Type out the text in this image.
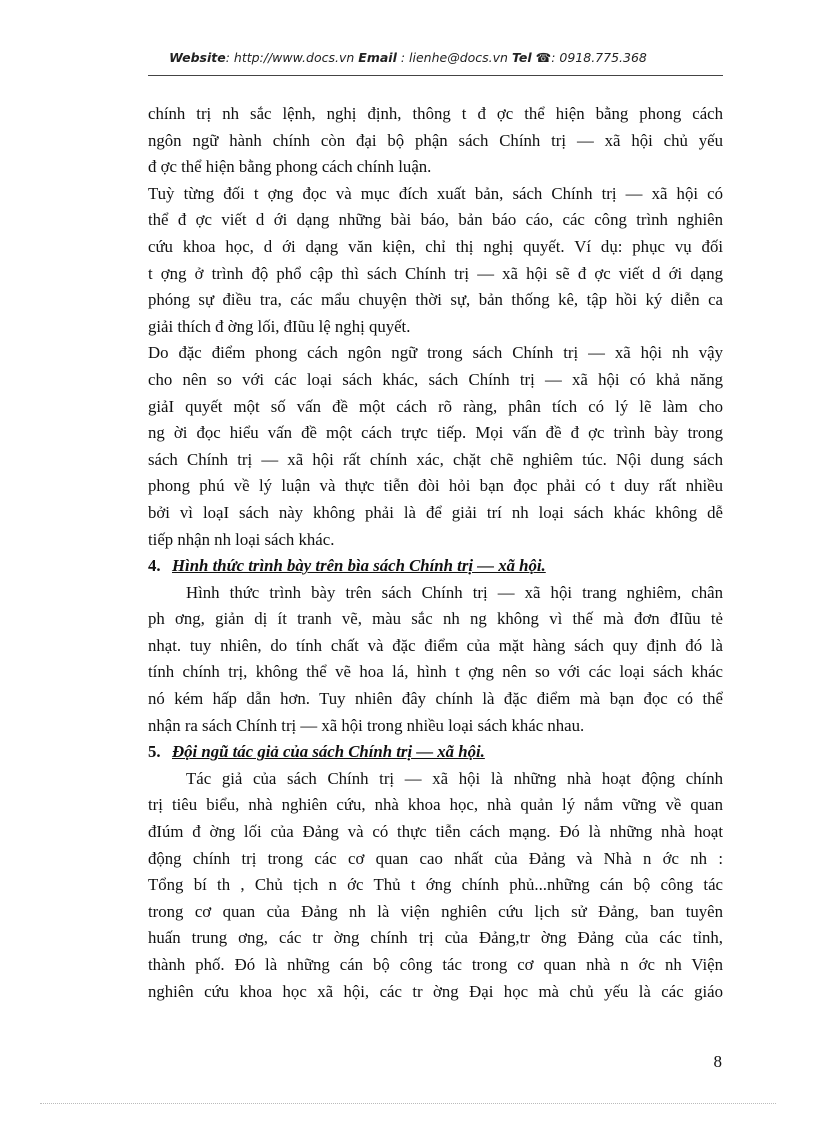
Website: http://www.docs.vn Email : lienhe@docs.vn Tel ☎: 0918.775.368
chính trị nh sắc lệnh, nghị định, thông t đ ợc thể hiện bằng phong cách
ngôn ngữ hành chính còn đại bộ phận sách Chính trị — xã hội chủ yếu
đ ợc thể hiện bằng phong cách chính luận.
Tuỳ từng đối t ợng đọc và mục đích xuất bản, sách Chính trị — xã hội có
thể đ ợc viết d ới dạng những bài báo, bản báo cáo, các công trình nghiên
cứu khoa học, d ới dạng văn kiện, chỉ thị nghị quyết. Ví dụ: phục vụ đối
t ợng ở trình độ phổ cập thì sách Chính trị — xã hội sẽ đ ợc viết d ới dạng
phóng sự điều tra, các mẩu chuyện thời sự, bản thống kê, tập hồi ký diễn ca
giải thích đ ờng lối, đIũu lệ nghị quyết.
Do đặc điểm phong cách ngôn ngữ trong sách Chính trị — xã hội nh vậy
cho nên so với các loại sách khác, sách Chính trị — xã hội có khả năng
giảI quyết một số vấn đề một cách rõ ràng, phân tích có lý lẽ làm cho
ng ời đọc hiểu vấn đề một cách trực tiếp. Mọi vấn đề đ ợc trình bày trong
sách Chính trị — xã hội rất chính xác, chặt chẽ nghiêm túc. Nội dung sách
phong phú về lý luận và thực tiễn đòi hỏi bạn đọc phải có t duy rất nhiều
bởi vì loạI sách này không phải là để giải trí nh loại sách khác không dễ
tiếp nhận nh loại sách khác.
4. Hình thức trình bày trên bìa sách Chính trị — xã hội.
Hình thức trình bày trên sách Chính trị — xã hội trang nghiêm, chân
ph ơng, giản dị ít tranh vẽ, màu sắc nh ng không vì thế mà đơn đIũu tẻ
nhạt. tuy nhiên, do tính chất và đặc điểm của mặt hàng sách quy định đó là
tính chính trị, không thể vẽ hoa lá, hình t ợng nên so với các loại sách khác
nó kém hấp dẫn hơn. Tuy nhiên đây chính là đặc điểm mà bạn đọc có thể
nhận ra sách Chính trị — xã hội trong nhiều loại sách khác nhau.
5. Đội ngũ tác giả của sách Chính trị — xã hội.
Tác giả của sách Chính trị — xã hội là những nhà hoạt động chính
trị tiêu biểu, nhà nghiên cứu, nhà khoa học, nhà quản lý nắm vững về quan
đIúm đ ờng lối của Đảng và có thực tiễn cách mạng. Đó là những nhà hoạt
động chính trị trong các cơ quan cao nhất của Đảng và Nhà n ớc nh :
Tổng bí th , Chủ tịch n ớc Thủ t ớng chính phủ...những cán bộ công tác
trong cơ quan của Đảng nh là viện nghiên cứu lịch sử Đảng, ban tuyên
huấn trung ơng, các tr ờng chính trị của Đảng,tr ờng Đảng của các tỉnh,
thành phố. Đó là những cán bộ công tác trong cơ quan nhà n ớc nh Viện
nghiên cứu khoa học xã hội, các tr ờng Đại học mà chủ yếu là các giáo
8
